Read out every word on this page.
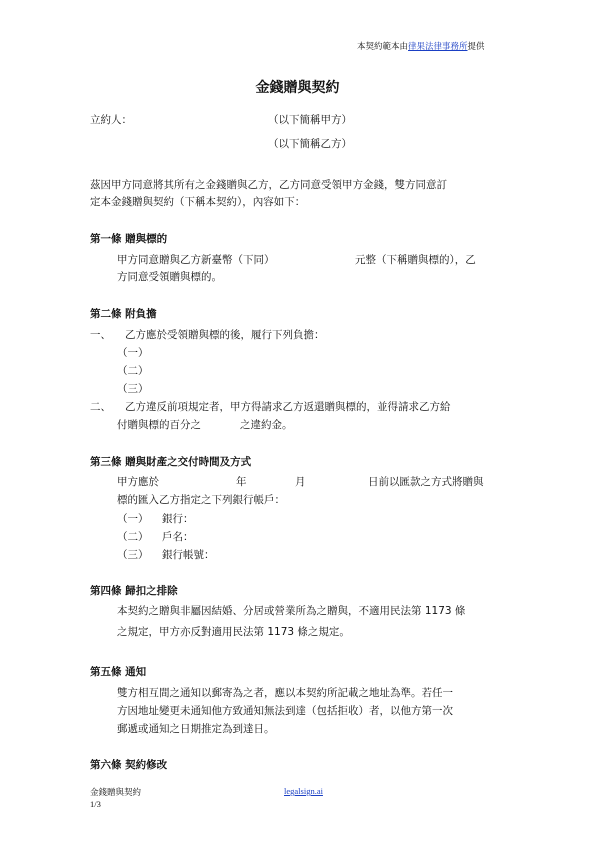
本契約範本由律果法律事務所提供
金錢贈與契約
立約人：	（以下簡稱甲方）
（以下簡稱乙方）
茲因甲方同意將其所有之金錢贈與乙方，乙方同意受領甲方金錢，雙方同意訂
定本金錢贈與契約（下稱本契約），內容如下：
第一條 贈與標的
甲方同意贈與乙方新臺幣（下同）	元整（下稱贈與標的），乙
方同意受領贈與標的。
第二條 附負擔
一、 乙方應於受領贈與標的後，履行下列負擔：
（一）
（二）
（三）
二、 乙方違反前項規定者，甲方得請求乙方返還贈與標的，並得請求乙方給
付贈與標的百分之	之違約金。
第三條 贈與財產之交付時間及方式
甲方應於	年	月	日前以匯款之方式將贈與
標的匯入乙方指定之下列銀行帳戶：
（一） 銀行：
（二） 戶名：
（三） 銀行帳號：
第四條 歸扣之排除
本契約之贈與非屬因結婚、分居或營業所為之贈與，不適用民法第 1173 條
之規定，甲方亦反對適用民法第 1173 條之規定。
第五條 通知
雙方相互間之通知以郵寄為之者，應以本契約所記載之地址為準。若任一
方因地址變更未通知他方致通知無法到達（包括拒收）者，以他方第一次
郵遞或通知之日期推定為到達日。
第六條 契約修改
金錢贈與契約	legalsign.ai
1/3
